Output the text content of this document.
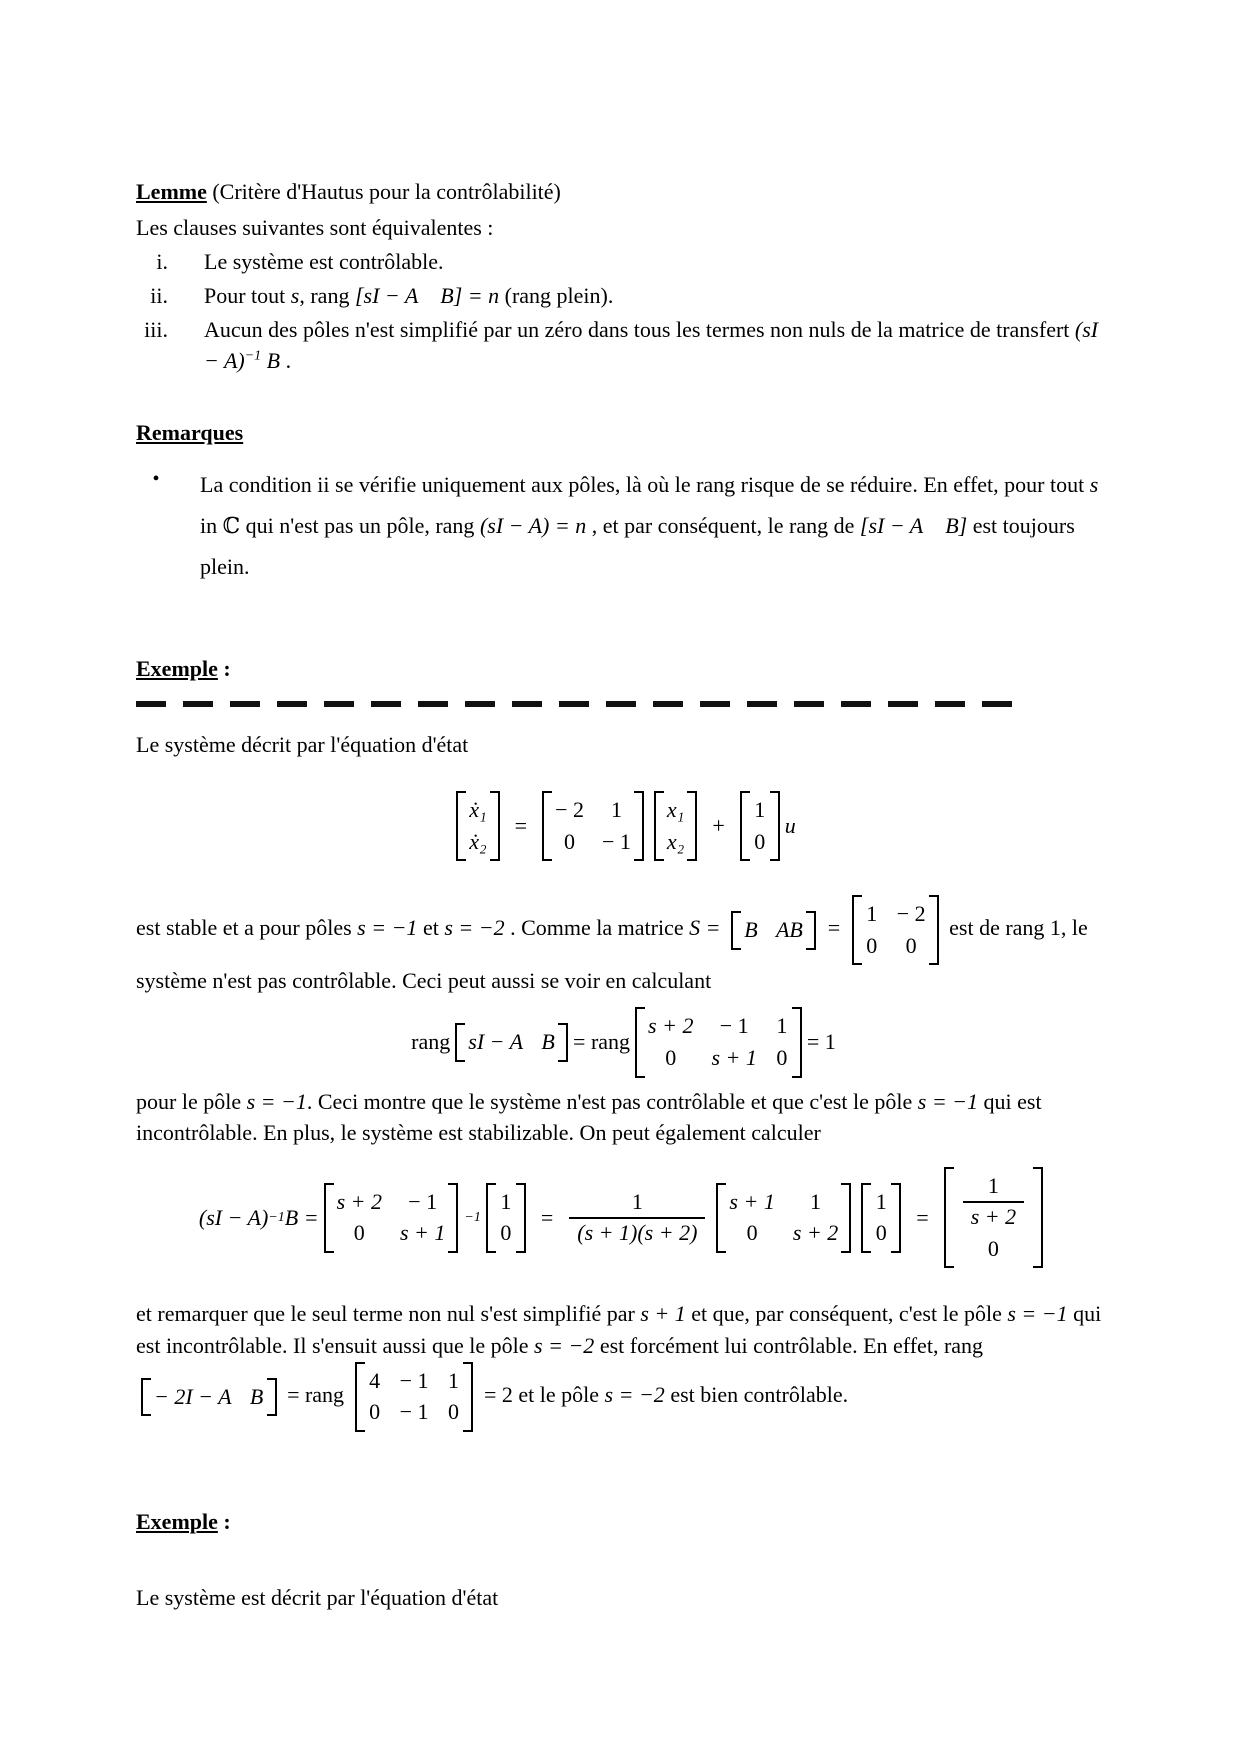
Lemme (Critère d'Hautus pour la contrôlabilité)

Les clauses suivantes sont équivalentes :

i. Le système est contrôlable.
ii. Pour tout s, rang [sI − A B] = n (rang plein).
iii. Aucun des pôles n'est simplifié par un zéro dans tous les termes non nuls de la matrice de transfert (sI − A)$^{-1}$ B .

Remarques

•	La condition ii se vérifie uniquement aux pôles, là où le rang risque de se réduire. En effet, pour tout s in ℂ qui n'est pas un pôle, rang (sI − A) = n , et par conséquent, le rang de [sI − A B] est toujours plein.

Exemple :

Le système décrit par l'équation d'état

ẋ₁
ẋ₂
=
− 2 1
0 − 1
x₁
x₂
+
1
0
u

est stable et a pour pôles s = −1 et s = −2 . Comme la matrice S = B AB =
1 − 2
0 0
est de rang 1, le système n'est pas contrôlable. Ceci peut aussi se voir en calculant

rang sI − A B = rang
s + 2 − 1 1
0 s + 1 0
= 1

pour le pôle s = −1. Ceci montre que le système n'est pas contrôlable et que c'est le pôle s = −1 qui est incontrôlable. En plus, le système est stabilizable. On peut également calculer

(sI − A) −1 B =
s + 2 − 1
0 s + 1
−1
1
0
= $\frac{1}{(s + 1)(s + 2)}$ s + 1 1
0 s + 2
1
0
=	$\frac{1}{s + 2}$
0

et remarquer que le seul terme non nul s'est simplifié par s + 1 et que, par conséquent, c'est le pôle s = −1 qui est incontrôlable. Il s'ensuit aussi que le pôle s = −2 est forcément lui contrôlable. En effet, rang
− 2I − A B = rang
4 − 1 1
0 − 1 0
= 2 et le pôle s = −2 est bien contrôlable.

Exemple :

Le système est décrit par l'équation d'état
